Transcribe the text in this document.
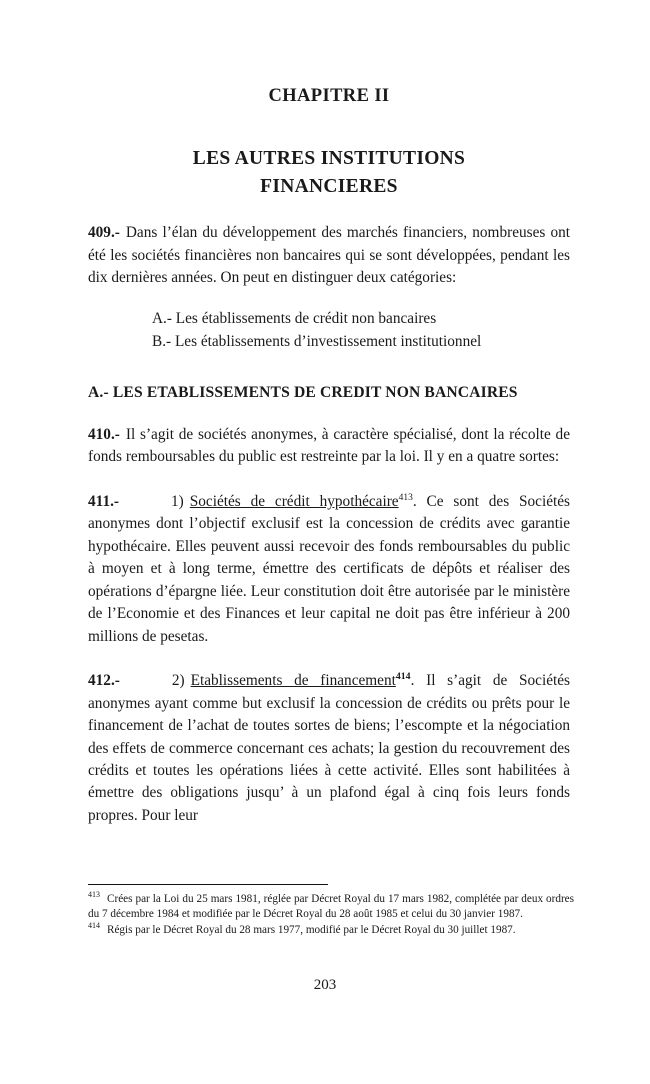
CHAPITRE II
LES AUTRES INSTITUTIONS
FINANCIERES

409.- Dans l’élan du développement des marchés financiers, nombreuses ont été les sociétés financières non bancaires qui se sont développées, pendant les dix dernières années. On peut en distinguer deux catégories:

A.- Les établissements de crédit non bancaires
B.- Les établissements d’investissement institutionnel
A.- LES ETABLISSEMENTS DE CREDIT NON BANCAIRES

410.- Il s’agit de sociétés anonymes, à caractère spécialisé, dont la récolte de fonds remboursables du public est restreinte par la loi. Il y en a quatre sortes:

411.-	1) Sociétés de crédit hypothécaire$^{413}$. Ce sont des Sociétés anonymes dont l’objectif exclusif est la concession de crédits avec garantie hypothécaire. Elles peuvent aussi recevoir des fonds remboursables du public à moyen et à long terme, émettre des certificats de dépôts et réaliser des opérations d’épargne liée. Leur constitution doit être autorisée par le ministère de l’Economie et des Finances et leur capital ne doit pas être inférieur à 200 millions de pesetas.

412.-	2) Etablissements de financement$^{414}$. Il s’agit de Sociétés anonymes ayant comme but exclusif la concession de crédits ou prêts pour le financement de l’achat de toutes sortes de biens; l’escompte et la négociation des effets de commerce concernant ces achats; la gestion du recouvrement des crédits et toutes les opérations liées à cette activité. Elles sont habilitées à émettre des obligations jusqu’ à un plafond égal à cinq fois leurs fonds propres. Pour leur

$^{413}$ Crées par la Loi du 25 mars 1981, réglée par Décret Royal du 17 mars 1982, complétée par deux ordres du 7 décembre 1984 et modifiée par le Décret Royal du 28 août 1985 et celui du 30 janvier 1987.
$^{414}$ Régis par le Décret Royal du 28 mars 1977, modifié par le Décret Royal du 30 juillet 1987.
203
